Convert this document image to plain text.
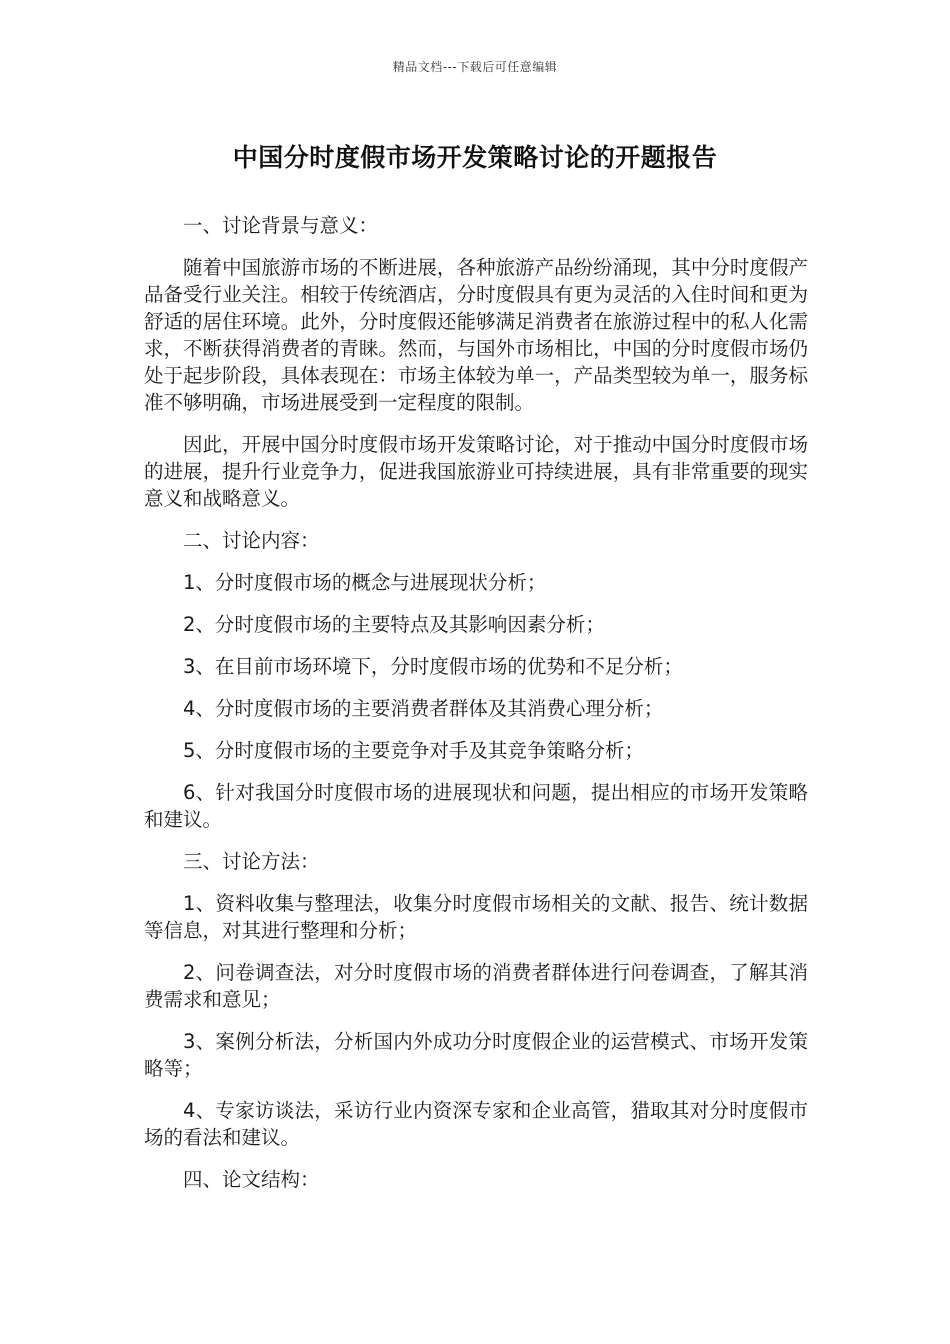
精品文档---下载后可任意编辑
中国分时度假市场开发策略讨论的开题报告

一、讨论背景与意义：

随着中国旅游市场的不断进展，各种旅游产品纷纷涌现，其中分时度假产品备受行业关注。相较于传统酒店，分时度假具有更为灵活的入住时间和更为舒适的居住环境。此外，分时度假还能够满足消费者在旅游过程中的私人化需求，不断获得消费者的青睐。然而，与国外市场相比，中国的分时度假市场仍处于起步阶段，具体表现在：市场主体较为单一，产品类型较为单一，服务标准不够明确，市场进展受到一定程度的限制。

因此，开展中国分时度假市场开发策略讨论，对于推动中国分时度假市场的进展，提升行业竞争力，促进我国旅游业可持续进展，具有非常重要的现实意义和战略意义。

二、讨论内容：

1、分时度假市场的概念与进展现状分析；

2、分时度假市场的主要特点及其影响因素分析；

3、在目前市场环境下，分时度假市场的优势和不足分析；

4、分时度假市场的主要消费者群体及其消费心理分析；

5、分时度假市场的主要竞争对手及其竞争策略分析；

6、针对我国分时度假市场的进展现状和问题，提出相应的市场开发策略和建议。

三、讨论方法：

1、资料收集与整理法，收集分时度假市场相关的文献、报告、统计数据等信息，对其进行整理和分析；

2、问卷调查法，对分时度假市场的消费者群体进行问卷调查，了解其消费需求和意见；

3、案例分析法，分析国内外成功分时度假企业的运营模式、市场开发策略等；

4、专家访谈法，采访行业内资深专家和企业高管，猎取其对分时度假市场的看法和建议。

四、论文结构：
